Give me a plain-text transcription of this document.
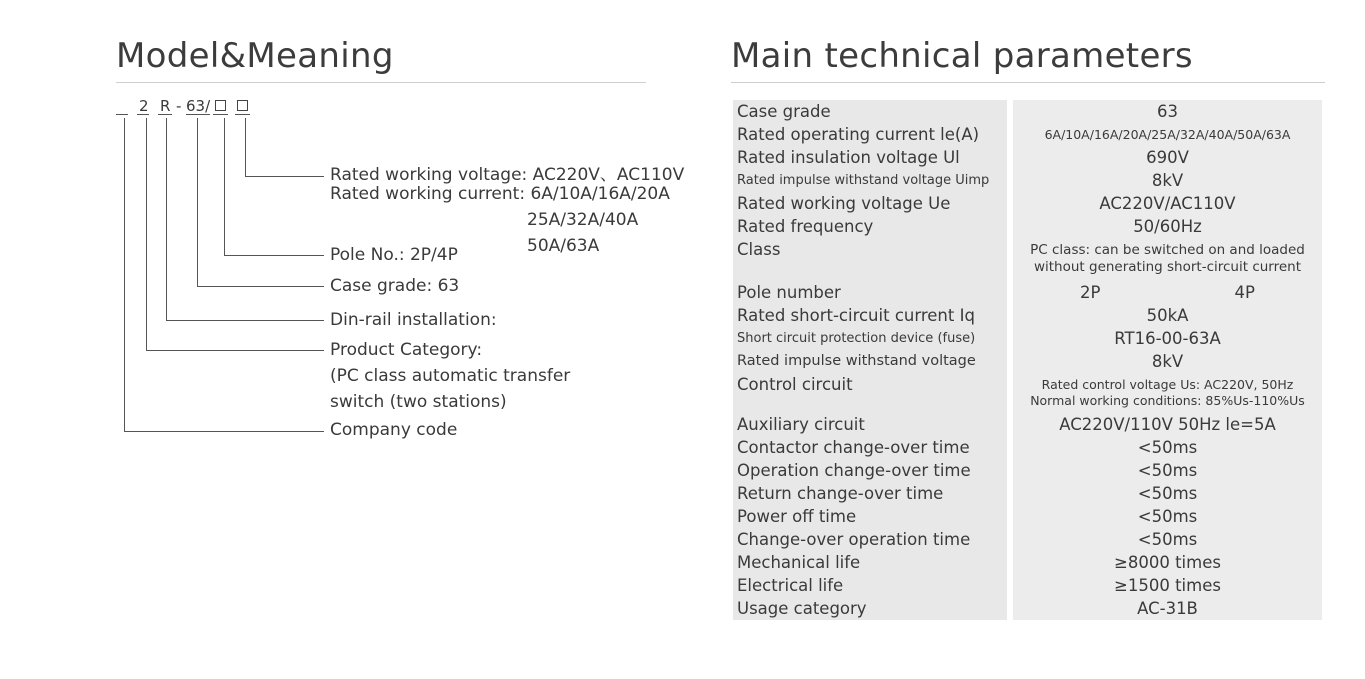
Model&Meaning	Main technical parameters
2 R - 63/
Rated working voltage: AC220V、AC110V
Rated working current: 6A/10A/16A/20A
25A/32A/40A
50A/63A
Pole No.: 2P/4P
Case grade: 63
Din-rail installation:
Product Category:
(PC class automatic transfer
switch (two stations)
Company code
Case grade	63
Rated operating current le(A)	6A/10A/16A/20A/25A/32A/40A/50A/63A
Rated insulation voltage Ul	690V
Rated impulse withstand voltage Uimp	8kV
Rated working voltage Ue	AC220V/AC110V
Rated frequency	50/60Hz
Class	PC class: can be switched on and loaded
without generating short-circuit current

Pole number	2P 4P

Rated short-circuit current Iq	50kA
Short circuit protection device (fuse)	RT16-00-63A
Rated impulse withstand voltage	8kV
Control circuit	Rated control voltage Us: AC220V, 50Hz
Normal working conditions: 85%Us-110%Us

Auxiliary circuit	AC220V/110V 50Hz le=5A
Contactor change-over time	<50ms
Operation change-over time	<50ms
Return change-over time	<50ms
Power off time	<50ms
Change-over operation time	<50ms
Mechanical life	≥8000 times
Electrical life	≥1500 times
Usage category	AC-31B
